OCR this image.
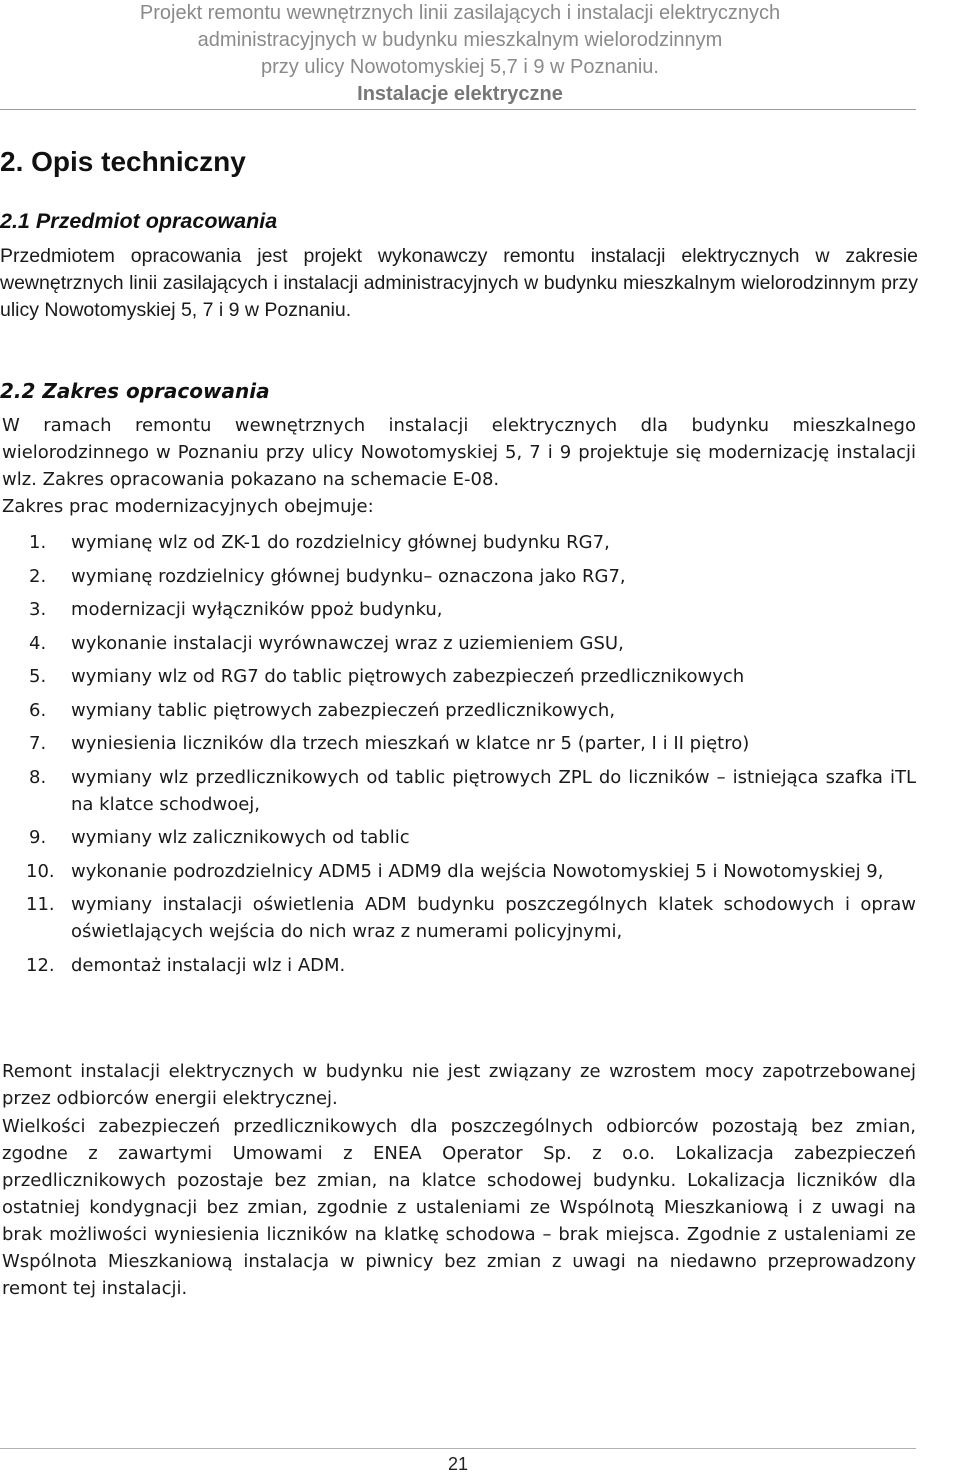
Projekt remontu wewnętrznych linii zasilających i instalacji elektrycznych
administracyjnych w budynku mieszkalnym wielorodzinnym
przy ulicy Nowotomyskiej 5,7 i 9 w Poznaniu.
Instalacje elektryczne
2. Opis techniczny
2.1 Przedmiot opracowania

Przedmiotem opracowania jest projekt wykonawczy remontu instalacji elektrycznych w zakresie wewnętrznych linii zasilających i instalacji administracyjnych w budynku mieszkalnym wielorodzinnym przy ulicy Nowotomyskiej 5, 7 i 9 w Poznaniu.

2.2 Zakres opracowania
W ramach remontu wewnętrznych instalacji elektrycznych dla budynku mieszkalnego wielorodzinnego w Poznaniu przy ulicy Nowotomyskiej 5, 7 i 9 projektuje się modernizację instalacji wlz. Zakres opracowania pokazano na schemacie E-08.
Zakres prac modernizacyjnych obejmuje:
1. wymianę wlz od ZK-1 do rozdzielnicy głównej budynku RG7,
2. wymianę rozdzielnicy głównej budynku– oznaczona jako RG7,
3. modernizacji wyłączników ppoż budynku,
4. wykonanie instalacji wyrównawczej wraz z uziemieniem GSU,
5. wymiany wlz od RG7 do tablic piętrowych zabezpieczeń przedlicznikowych
6. wymiany tablic piętrowych zabezpieczeń przedlicznikowych,
7. wyniesienia liczników dla trzech mieszkań w klatce nr 5 (parter, I i II piętro)
8. wymiany wlz przedlicznikowych od tablic piętrowych ZPL do liczników – istniejąca szafka iTL na klatce schodwoej,
9. wymiany wlz zalicznikowych od tablic
10. wykonanie podrozdzielnicy ADM5 i ADM9 dla wejścia Nowotomyskiej 5 i Nowotomyskiej 9,
11. wymiany instalacji oświetlenia ADM budynku poszczególnych klatek schodowych i opraw oświetlających wejścia do nich wraz z numerami policyjnymi,
12. demontaż instalacji wlz i ADM.

Remont instalacji elektrycznych w budynku nie jest związany ze wzrostem mocy zapotrzebowanej przez odbiorców energii elektrycznej.

Wielkości zabezpieczeń przedlicznikowych dla poszczególnych odbiorców pozostają bez zmian, zgodne z zawartymi Umowami z ENEA Operator Sp. z o.o. Lokalizacja zabezpieczeń przedlicznikowych pozostaje bez zmian, na klatce schodowej budynku. Lokalizacja liczników dla ostatniej kondygnacji bez zmian, zgodnie z ustaleniami ze Wspólnotą Mieszkaniową i z uwagi na brak możliwości wyniesienia liczników na klatkę schodowa – brak miejsca. Zgodnie z ustaleniami ze Wspólnota Mieszkaniową instalacja w piwnicy bez zmian z uwagi na niedawno przeprowadzony remont tej instalacji.

21
